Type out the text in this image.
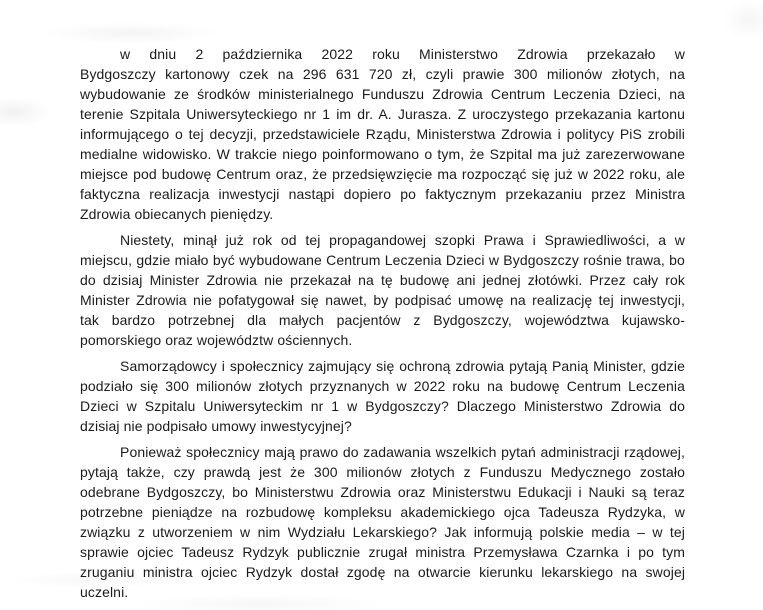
w dniu 2 października 2022 roku Ministerstwo Zdrowia przekazało w
Bydgoszczy kartonowy czek na 296 631 720 zł, czyli prawie 300 milionów złotych, na
wybudowanie ze środków ministerialnego Funduszu Zdrowia Centrum Leczenia Dzieci, na
terenie Szpitala Uniwersyteckiego nr 1 im dr. A. Jurasza. Z uroczystego przekazania kartonu
informującego o tej decyzji, przedstawiciele Rządu, Ministerstwa Zdrowia i politycy PiS zrobili
medialne widowisko. W trakcie niego poinformowano o tym, że Szpital ma już zarezerwowane
miejsce pod budowę Centrum oraz, że przedsięwzięcie ma rozpocząć się już w 2022 roku, ale
faktyczna realizacja inwestycji nastąpi dopiero po faktycznym przekazaniu przez Ministra
Zdrowia obiecanych pieniędzy.
Niestety, minął już rok od tej propagandowej szopki Prawa i Sprawiedliwości, a w
miejscu, gdzie miało być wybudowane Centrum Leczenia Dzieci w Bydgoszczy rośnie trawa, bo
do dzisiaj Minister Zdrowia nie przekazał na tę budowę ani jednej złotówki. Przez cały rok
Minister Zdrowia nie pofatygował się nawet, by podpisać umowę na realizację tej inwestycji,
tak bardzo potrzebnej dla małych pacjentów z Bydgoszczy, województwa kujawsko-
pomorskiego oraz województw ościennych.
Samorządowcy i społecznicy zajmujący się ochroną zdrowia pytają Panią Minister, gdzie
podziało się 300 milionów złotych przyznanych w 2022 roku na budowę Centrum Leczenia
Dzieci w Szpitalu Uniwersyteckim nr 1 w Bydgoszczy? Dlaczego Ministerstwo Zdrowia do
dzisiaj nie podpisało umowy inwestycyjnej?
Ponieważ społecznicy mają prawo do zadawania wszelkich pytań administracji rządowej,
pytają także, czy prawdą jest że 300 milionów złotych z Funduszu Medycznego zostało
odebrane Bydgoszczy, bo Ministerstwu Zdrowia oraz Ministerstwu Edukacji i Nauki są teraz
potrzebne pieniądze na rozbudowę kompleksu akademickiego ojca Tadeusza Rydzyka, w
związku z utworzeniem w nim Wydziału Lekarskiego? Jak informują polskie media – w tej
sprawie ojciec Tadeusz Rydzyk publicznie zrugał ministra Przemysława Czarnka i po tym
zruganiu ministra ojciec Rydzyk dostał zgodę na otwarcie kierunku lekarskiego na swojej
uczelni.
